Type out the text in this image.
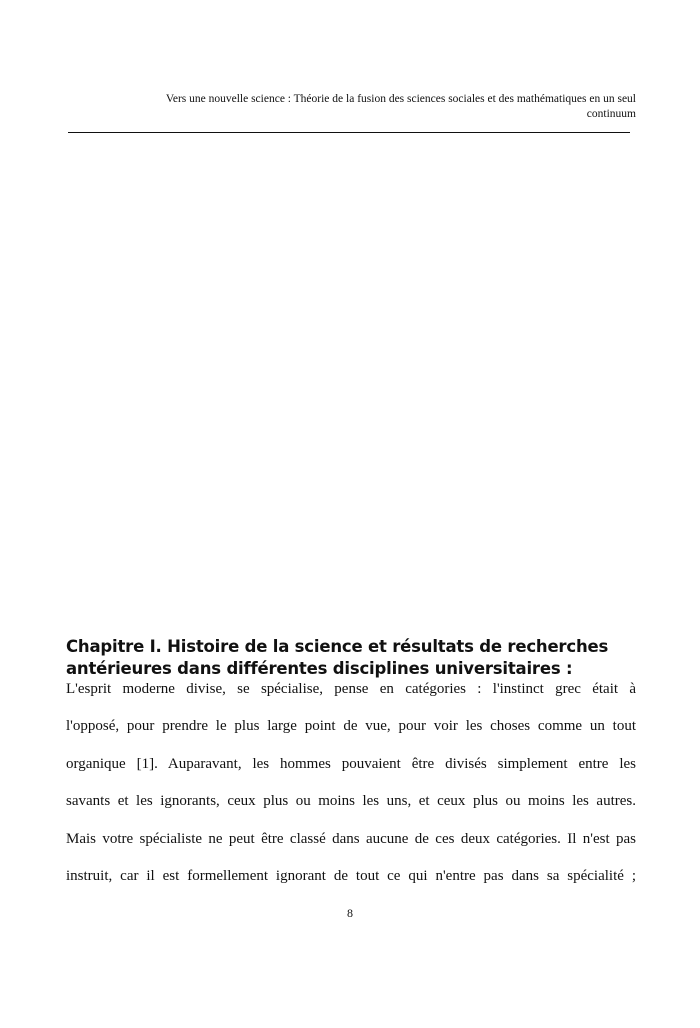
Vers une nouvelle science : Théorie de la fusion des sciences sociales et des mathématiques en un seul
continuum
Chapitre I. Histoire de la science et résultats de recherches
antérieures dans différentes disciplines universitaires :
L'esprit moderne divise, se spécialise, pense en catégories : l'instinct grec était à
l'opposé, pour prendre le plus large point de vue, pour voir les choses comme un tout
organique [1]. Auparavant, les hommes pouvaient être divisés simplement entre les
savants et les ignorants, ceux plus ou moins les uns, et ceux plus ou moins les autres.
Mais votre spécialiste ne peut être classé dans aucune de ces deux catégories. Il n'est pas
instruit, car il est formellement ignorant de tout ce qui n'entre pas dans sa spécialité ;
8
